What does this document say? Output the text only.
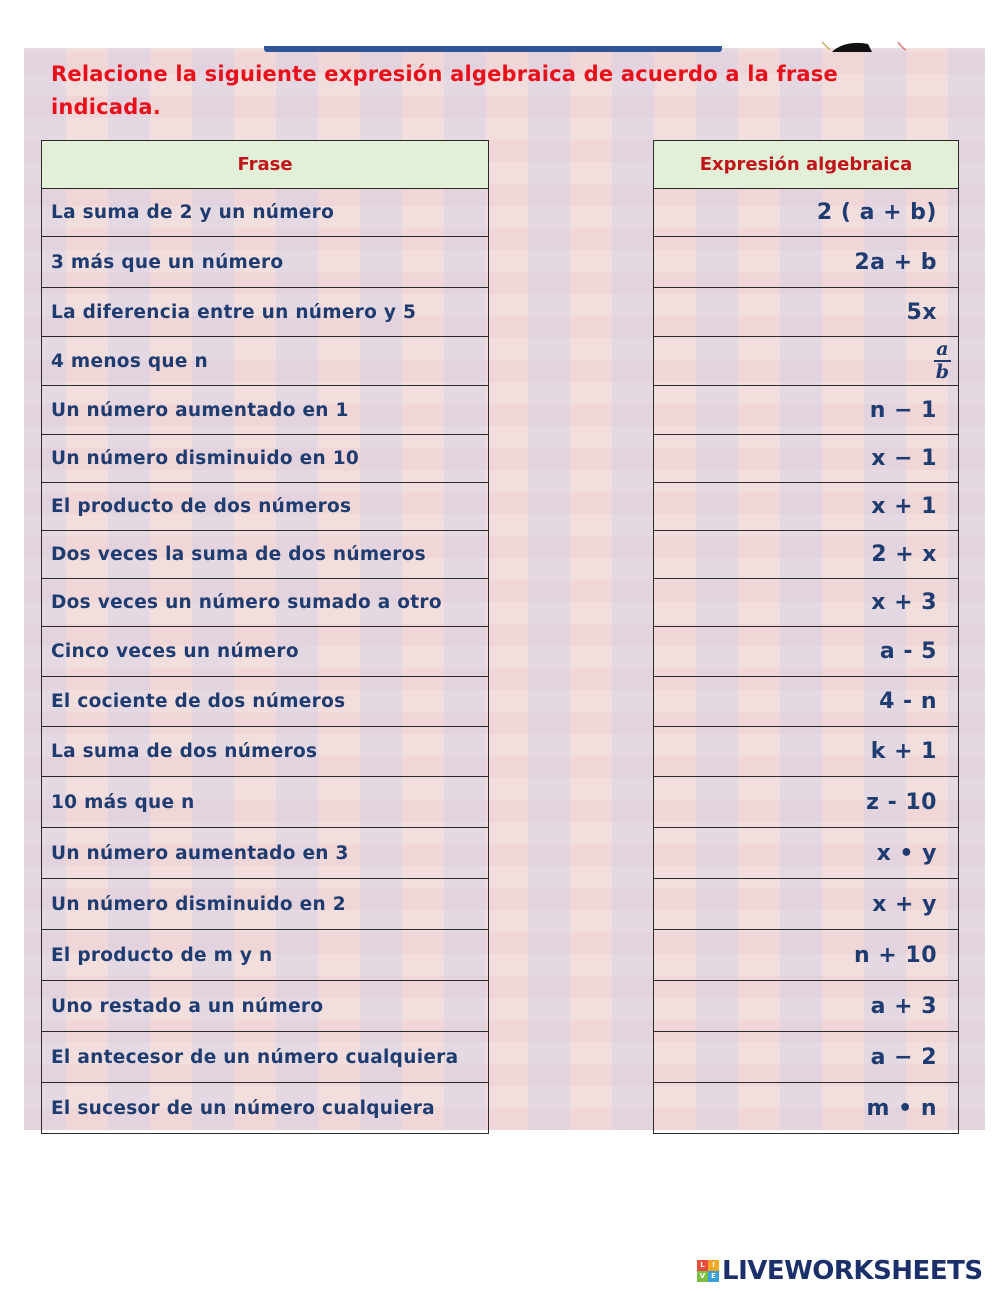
Relacione la siguiente expresión algebraica de acuerdo a la frase indicada.
Frase
La suma de 2 y un número
3 más que un número
La diferencia entre un número y 5
4 menos que n
Un número aumentado en 1
Un número disminuido en 10
El producto de dos números
Dos veces la suma de dos números
Dos veces un número sumado a otro
Cinco veces un número
El cociente de dos números
La suma de dos números
10 más que n
Un número aumentado en 3
Un número disminuido en 2
El producto de m y n
Uno restado a un número
El antecesor de un número cualquiera
El sucesor de un número cualquiera
Expresión algebraica
2 ( a + b)
2a + b
5x
$\frac{a}{b}$
n − 1
x − 1
x + 1
2 + x
x + 3
a - 5
4 - n
k + 1
z - 10
x • y
x + y
n + 10
a + 3
a − 2
m • n
L	I
V E LIVEWORKSHEETS
